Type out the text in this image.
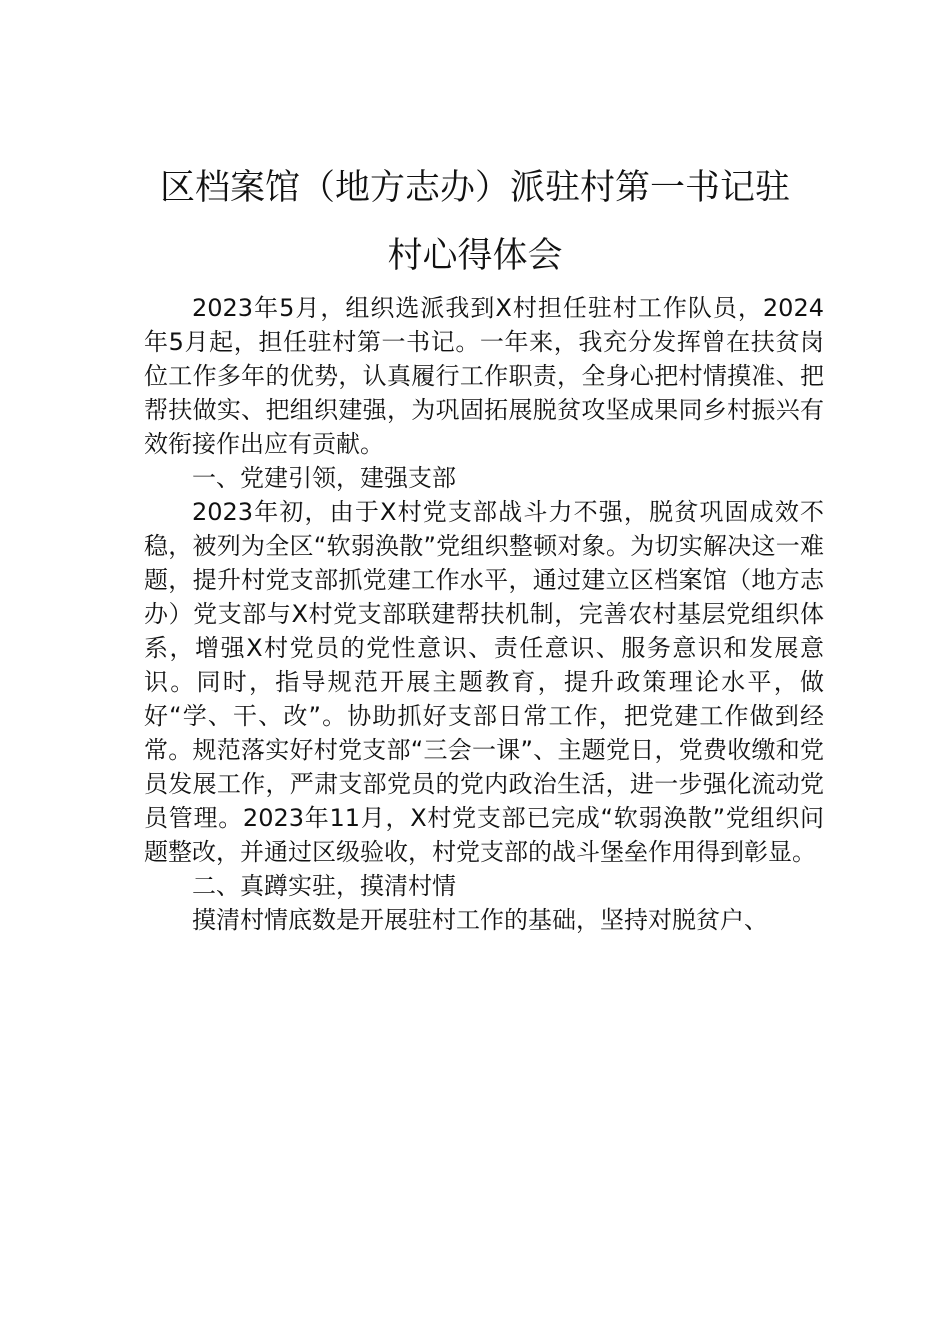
区档案馆（地方志办）派驻村第一书记驻
村心得体会

2023年5月，组织选派我到X村担任驻村工作队员，2024年5月起，担任驻村第一书记。一年来，我充分发挥曾在扶贫岗位工作多年的优势，认真履行工作职责，全身心把村情摸准、把帮扶做实、把组织建强，为巩固拓展脱贫攻坚成果同乡村振兴有效衔接作出应有贡献。

一、党建引领，建强支部

2023年初，由于X村党支部战斗力不强，脱贫巩固成效不稳，被列为全区“软弱涣散”党组织整顿对象。为切实解决这一难题，提升村党支部抓党建工作水平，通过建立区档案馆（地方志办）党支部与X村党支部联建帮扶机制，完善农村基层党组织体系，增强X村党员的党性意识、责任意识、服务意识和发展意识。同时，指导规范开展主题教育，提升政策理论水平，做好“学、干、改”。协助抓好支部日常工作，把党建工作做到经常。规范落实好村党支部“三会一课”、主题党日，党费收缴和党员发展工作，严肃支部党员的党内政治生活，进一步强化流动党员管理。2023年11月，X村党支部已完成“软弱涣散”党组织问题整改，并通过区级验收，村党支部的战斗堡垒作用得到彰显。

二、真蹲实驻，摸清村情

摸清村情底数是开展驻村工作的基础，坚持对脱贫户、
